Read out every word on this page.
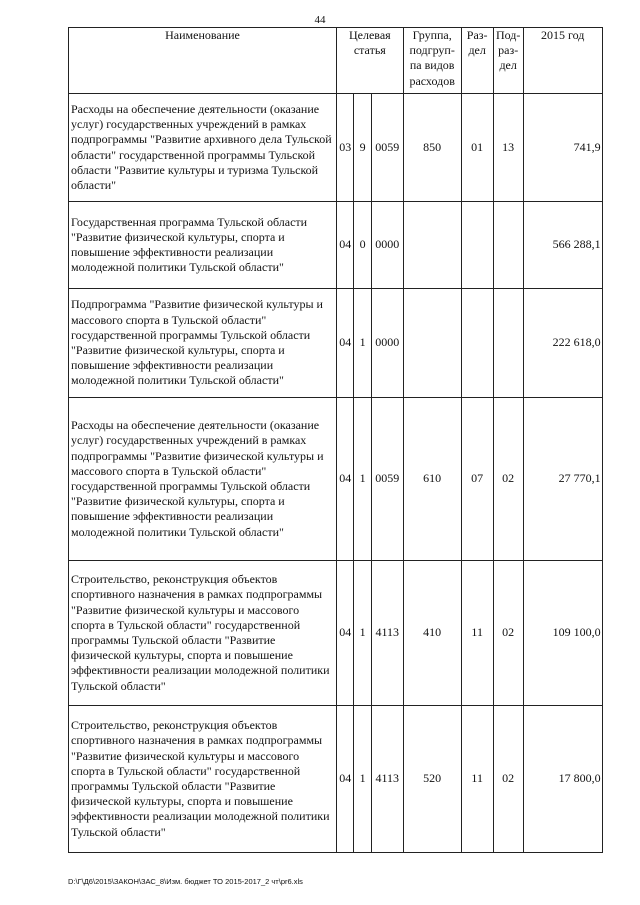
44
Наименование	Целевая статья			Группа, подгруп-па видов расходов	Раз-дел	Под-раз-дел	2015 год
Расходы на обеспечение деятельности (оказание услуг) государственных учреждений в рамках подпрограммы "Развитие архивного дела Тульской области" государственной программы Тульской области "Развитие культуры и туризма Тульской области"	03	9	0059	850	01	13	741,9
Государственная программа Тульской области "Развитие физической культуры, спорта и повышение эффективности реализации молодежной политики Тульской области"	04	0	0000				566 288,1
Подпрограмма "Развитие физической культуры и массового спорта в Тульской области" государственной программы Тульской области "Развитие физической культуры, спорта и повышение эффективности реализации молодежной политики Тульской области"	04	1	0000				222 618,0
Расходы на обеспечение деятельности (оказание услуг) государственных учреждений в рамках подпрограммы "Развитие физической культуры и массового спорта в Тульской области" государственной программы Тульской области "Развитие физической культуры, спорта и повышение эффективности реализации молодежной политики Тульской области"	04	1	0059	610	07	02	27 770,1
Строительство, реконструкция объектов спортивного назначения в рамках подпрограммы "Развитие физической культуры и массового спорта в Тульской области" государственной программы Тульской области "Развитие физической культуры, спорта и повышение эффективности реализации молодежной политики Тульской области"	04	1	4113	410	11	02	109 100,0
Строительство, реконструкция объектов спортивного назначения в рамках подпрограммы "Развитие физической культуры и массового спорта в Тульской области" государственной программы Тульской области "Развитие физической культуры, спорта и повышение эффективности реализации молодежной политики Тульской области"	04	1	4113	520	11	02	17 800,0
D:\Г\Д6\2015\ЗАКОН\ЗАС_8\Изм. бюджет ТО 2015-2017_2 чт\pr6.xls
